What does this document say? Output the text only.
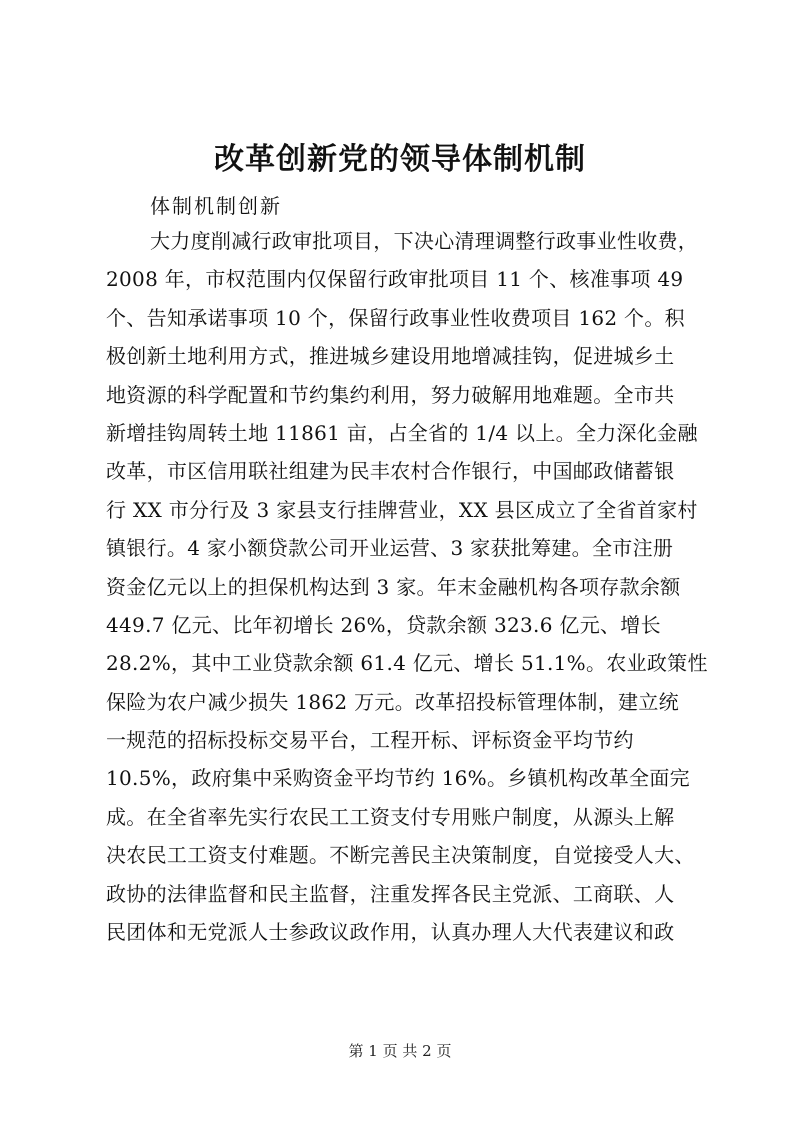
改革创新党的领导体制机制

体制机制创新

大力度削减行政审批项目，下决心清理调整行政事业性收费，
2008 年，市权范围内仅保留行政审批项目 11 个、核准事项 49
个、告知承诺事项 10 个，保留行政事业性收费项目 162 个。积
极创新土地利用方式，推进城乡建设用地增减挂钩，促进城乡土
地资源的科学配置和节约集约利用，努力破解用地难题。全市共
新增挂钩周转土地 11861 亩，占全省的 1/4 以上。全力深化金融
改革，市区信用联社组建为民丰农村合作银行，中国邮政储蓄银
行 XX 市分行及 3 家县支行挂牌营业，XX 县区成立了全省首家村
镇银行。4 家小额贷款公司开业运营、3 家获批筹建。全市注册
资金亿元以上的担保机构达到 3 家。年末金融机构各项存款余额
449.7 亿元、比年初增长 26%，贷款余额 323.6 亿元、增长
28.2%，其中工业贷款余额 61.4 亿元、增长 51.1%。农业政策性
保险为农户减少损失 1862 万元。改革招投标管理体制，建立统
一规范的招标投标交易平台，工程开标、评标资金平均节约
10.5%，政府集中采购资金平均节约 16%。乡镇机构改革全面完
成。在全省率先实行农民工工资支付专用账户制度，从源头上解
决农民工工资支付难题。不断完善民主决策制度，自觉接受人大、
政协的法律监督和民主监督，注重发挥各民主党派、工商联、人
民团体和无党派人士参政议政作用，认真办理人大代表建议和政
第 1 页 共 2 页
